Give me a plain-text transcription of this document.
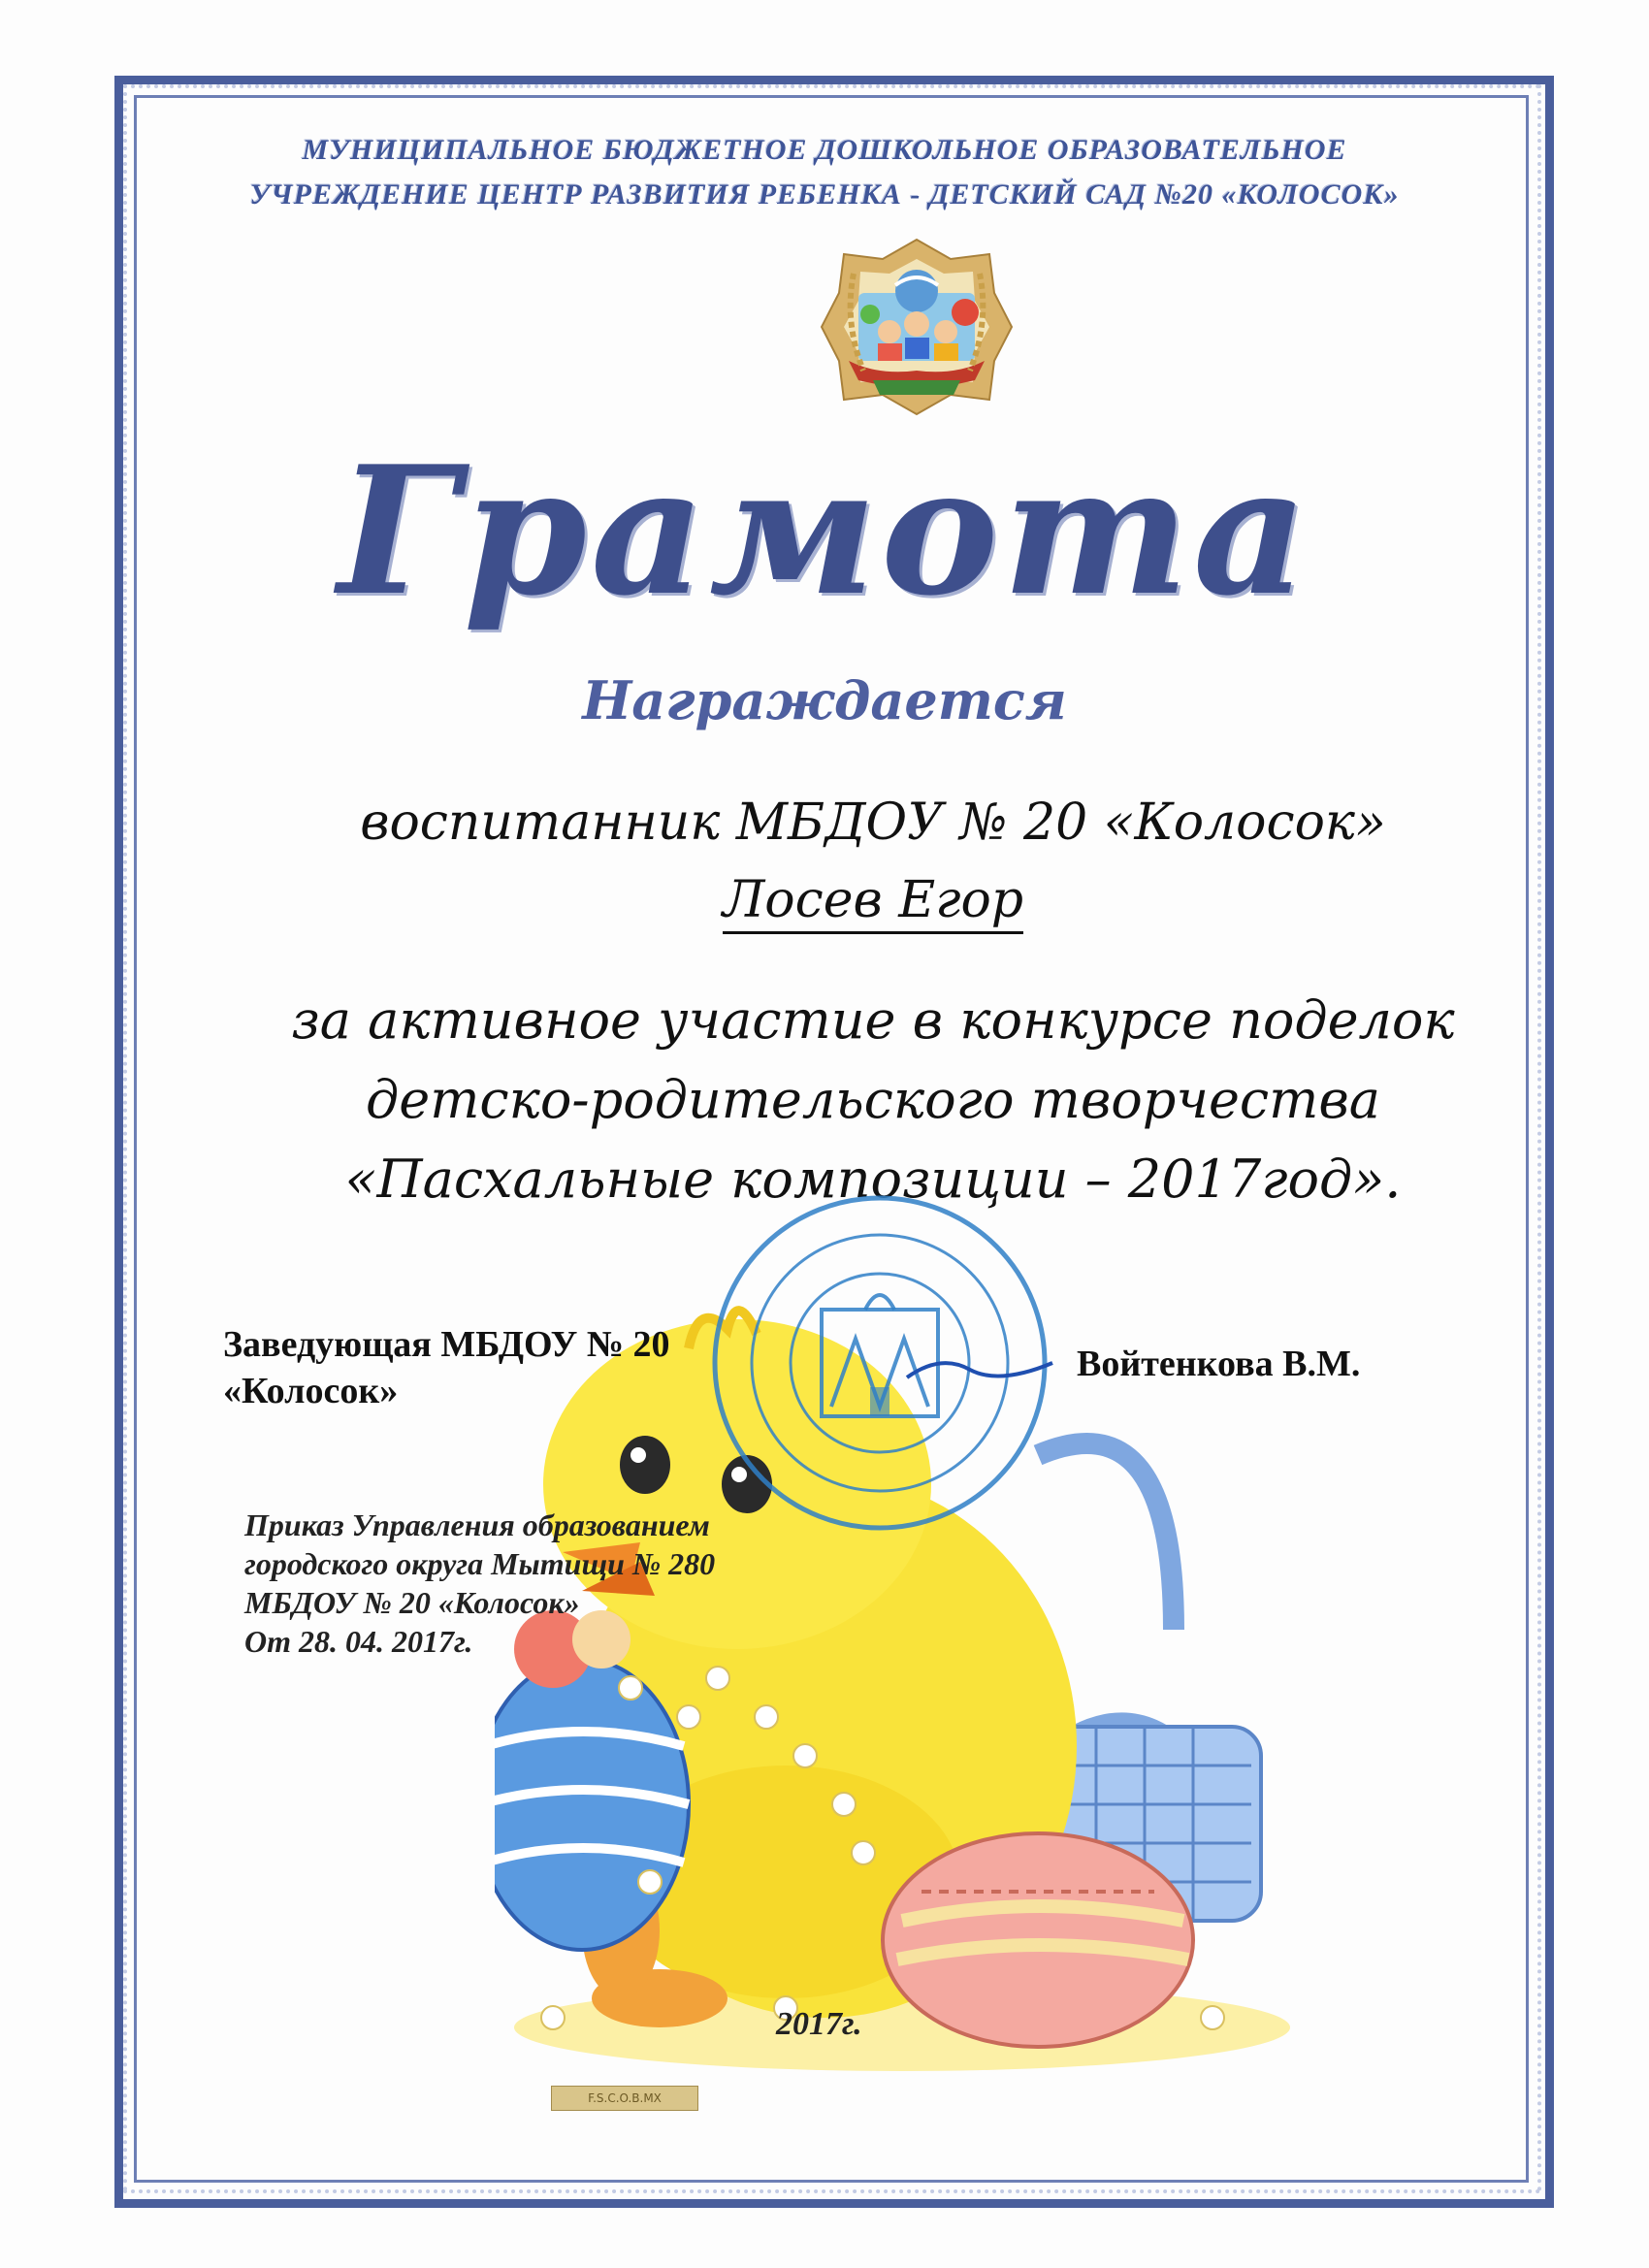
МУНИЦИПАЛЬНОЕ БЮДЖЕТНОЕ ДОШКОЛЬНОЕ ОБРАЗОВАТЕЛЬНОЕ
УЧРЕЖДЕНИЕ ЦЕНТР РАЗВИТИЯ РЕБЕНКА - ДЕТСКИЙ САД №20 «КОЛОСОК»
Грамота
Награждается
воспитанник МБДОУ № 20 «Колосок»
Лосев Егор
за активное участие в конкурсе поделок
детско-родительского творчества
«Пасхальные композиции – 2017год».
Заведующая МБДОУ № 20
«Колосок»
Войтенкова В.М.
Приказ Управления образованием
городского округа Мытищи № 280
МБДОУ № 20 «Колосок»
От 28. 04. 2017г.
2017г.
F.S.C.O.B.MX
